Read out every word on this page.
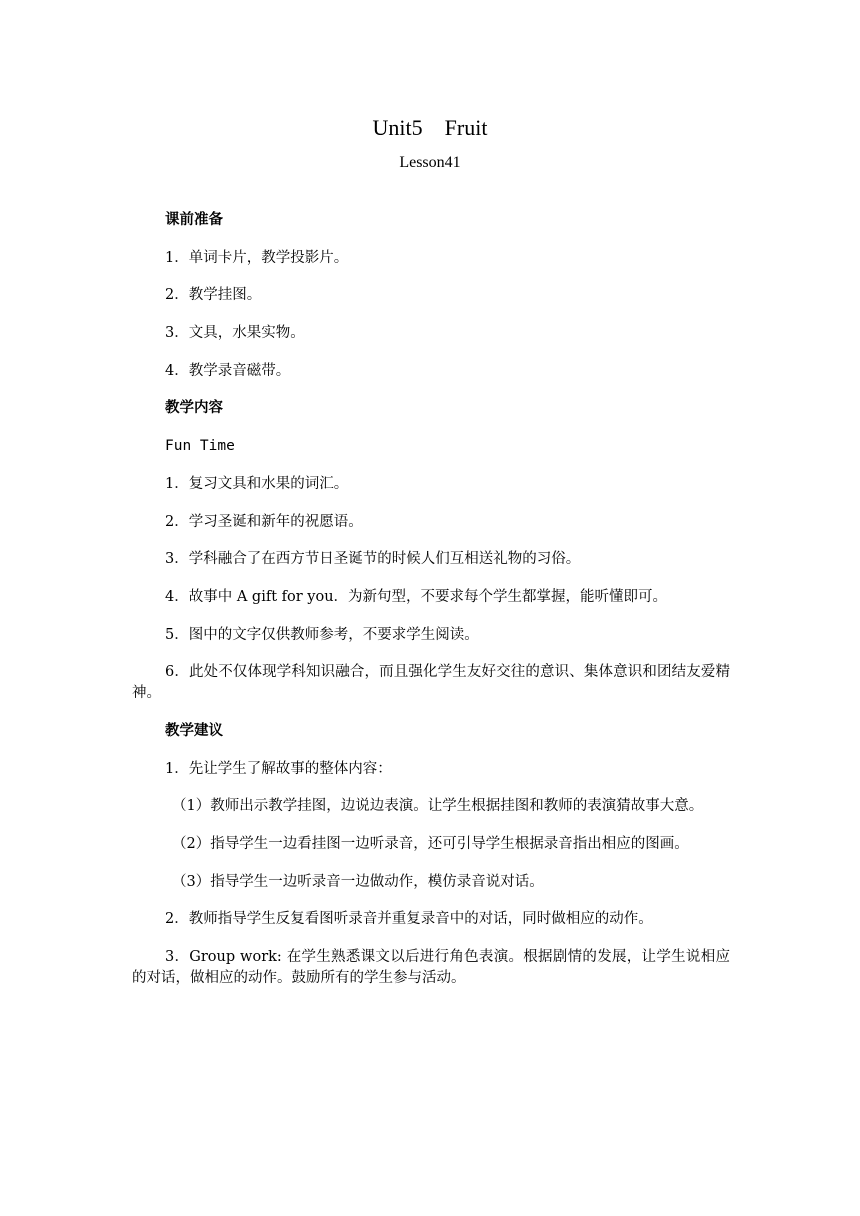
Unit5 Fruit
Lesson41

课前准备

1．单词卡片，教学投影片。

2．教学挂图。

3．文具，水果实物。

4．教学录音磁带。

教学内容

Fun Time

1．复习文具和水果的词汇。

2．学习圣诞和新年的祝愿语。

3．学科融合了在西方节日圣诞节的时候人们互相送礼物的习俗。

4．故事中 A gift for you．为新句型，不要求每个学生都掌握，能听懂即可。

5．图中的文字仅供教师参考，不要求学生阅读。

6．此处不仅体现学科知识融合，而且强化学生友好交往的意识、集体意识和团结友爱精神。

教学建议

1．先让学生了解故事的整体内容：

（1）教师出示教学挂图，边说边表演。让学生根据挂图和教师的表演猜故事大意。

（2）指导学生一边看挂图一边听录音，还可引导学生根据录音指出相应的图画。

（3）指导学生一边听录音一边做动作，模仿录音说对话。

2．教师指导学生反复看图听录音并重复录音中的对话，同时做相应的动作。

3．Group work: 在学生熟悉课文以后进行角色表演。根据剧情的发展，让学生说相应的对话，做相应的动作。鼓励所有的学生参与活动。
